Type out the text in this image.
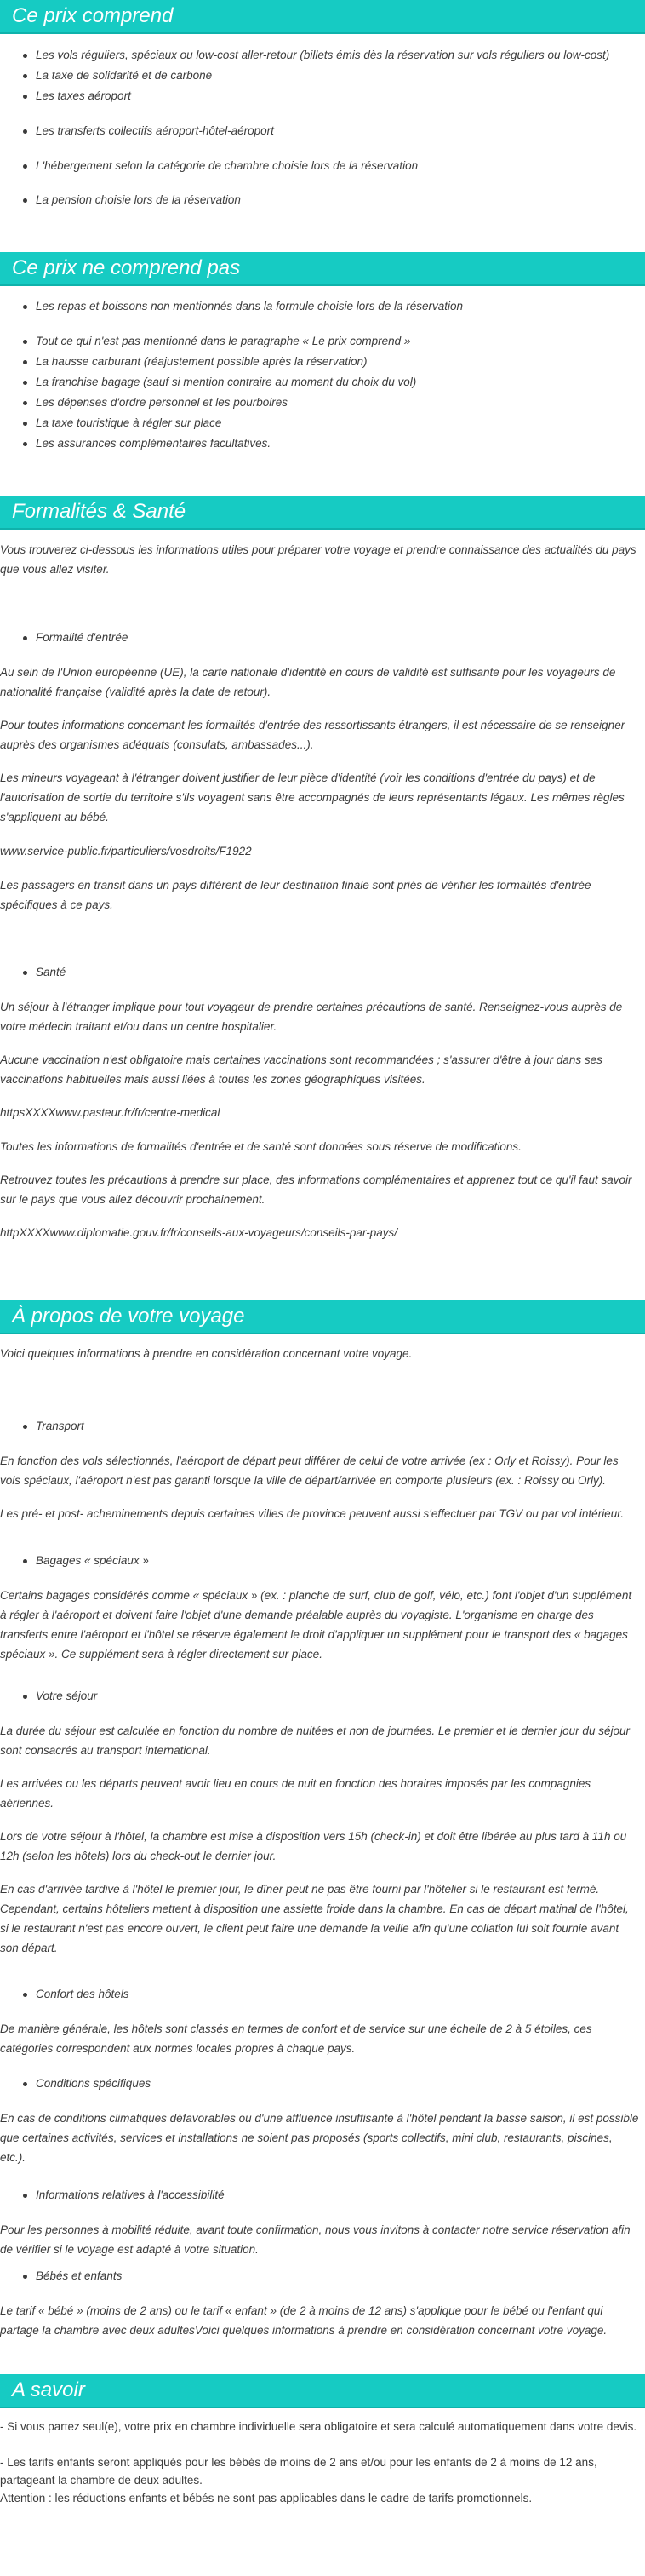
Ce prix comprend
Les vols réguliers, spéciaux ou low-cost aller-retour (billets émis dès la réservation sur vols réguliers ou low-cost)
La taxe de solidarité et de carbone
Les taxes aéroport
Les transferts collectifs aéroport-hôtel-aéroport
L'hébergement selon la catégorie de chambre choisie lors de la réservation
La pension choisie lors de la réservation
Ce prix ne comprend pas
Les repas et boissons non mentionnés dans la formule choisie lors de la réservation
Tout ce qui n'est pas mentionné dans le paragraphe « Le prix comprend »
La hausse carburant (réajustement possible après la réservation)
La franchise bagage (sauf si mention contraire au moment du choix du vol)
Les dépenses d'ordre personnel et les pourboires
La taxe touristique à régler sur place
Les assurances complémentaires facultatives.
Formalités & Santé
Vous trouverez ci-dessous les informations utiles pour préparer votre voyage et prendre connaissance des actualités du pays que vous allez visiter.
Formalité d'entrée
Au sein de l'Union européenne (UE), la carte nationale d'identité en cours de validité est suffisante pour les voyageurs de nationalité française (validité après la date de retour).
Pour toutes informations concernant les formalités d'entrée des ressortissants étrangers, il est nécessaire de se renseigner auprès des organismes adéquats (consulats, ambassades...).
Les mineurs voyageant à l'étranger doivent justifier de leur pièce d'identité (voir les conditions d'entrée du pays) et de l'autorisation de sortie du territoire s'ils voyagent sans être accompagnés de leurs représentants légaux. Les mêmes règles s'appliquent au bébé.
www.service-public.fr/particuliers/vosdroits/F1922
Les passagers en transit dans un pays différent de leur destination finale sont priés de vérifier les formalités d'entrée spécifiques à ce pays.
Santé
Un séjour à l'étranger implique pour tout voyageur de prendre certaines précautions de santé. Renseignez-vous auprès de votre médecin traitant et/ou dans un centre hospitalier.
Aucune vaccination n'est obligatoire mais certaines vaccinations sont recommandées ; s'assurer d'être à jour dans ses vaccinations habituelles mais aussi liées à toutes les zones géographiques visitées.
httpsXXXXwww.pasteur.fr/fr/centre-medical
Toutes les informations de formalités d'entrée et de santé sont données sous réserve de modifications.
Retrouvez toutes les précautions à prendre sur place, des informations complémentaires et apprenez tout ce qu'il faut savoir sur le pays que vous allez découvrir prochainement.
httpXXXXwww.diplomatie.gouv.fr/fr/conseils-aux-voyageurs/conseils-par-pays/
À propos de votre voyage
Voici quelques informations à prendre en considération concernant votre voyage.
Transport
En fonction des vols sélectionnés, l'aéroport de départ peut différer de celui de votre arrivée (ex : Orly et Roissy). Pour les vols spéciaux, l'aéroport n'est pas garanti lorsque la ville de départ/arrivée en comporte plusieurs (ex. : Roissy ou Orly).
Les pré- et post- acheminements depuis certaines villes de province peuvent aussi s'effectuer par TGV ou par vol intérieur.
Bagages « spéciaux »
Certains bagages considérés comme « spéciaux » (ex. : planche de surf, club de golf, vélo, etc.) font l'objet d'un supplément à régler à l'aéroport et doivent faire l'objet d'une demande préalable auprès du voyagiste. L'organisme en charge des transferts entre l'aéroport et l'hôtel se réserve également le droit d'appliquer un supplément pour le transport des « bagages spéciaux ». Ce supplément sera à régler directement sur place.
Votre séjour
La durée du séjour est calculée en fonction du nombre de nuitées et non de journées. Le premier et le dernier jour du séjour sont consacrés au transport international.
Les arrivées ou les départs peuvent avoir lieu en cours de nuit en fonction des horaires imposés par les compagnies aériennes.
Lors de votre séjour à l'hôtel, la chambre est mise à disposition vers 15h (check-in) et doit être libérée au plus tard à 11h ou 12h (selon les hôtels) lors du check-out le dernier jour.
En cas d'arrivée tardive à l'hôtel le premier jour, le dîner peut ne pas être fourni par l'hôtelier si le restaurant est fermé. Cependant, certains hôteliers mettent à disposition une assiette froide dans la chambre. En cas de départ matinal de l'hôtel, si le restaurant n'est pas encore ouvert, le client peut faire une demande la veille afin qu'une collation lui soit fournie avant son départ.
Confort des hôtels
De manière générale, les hôtels sont classés en termes de confort et de service sur une échelle de 2 à 5 étoiles, ces catégories correspondent aux normes locales propres à chaque pays.
Conditions spécifiques
En cas de conditions climatiques défavorables ou d'une affluence insuffisante à l'hôtel pendant la basse saison, il est possible que certaines activités, services et installations ne soient pas proposés (sports collectifs, mini club, restaurants, piscines, etc.).
Informations relatives à l'accessibilité
Pour les personnes à mobilité réduite, avant toute confirmation, nous vous invitons à contacter notre service réservation afin de vérifier si le voyage est adapté à votre situation.
Bébés et enfants
Le tarif « bébé » (moins de 2 ans) ou le tarif « enfant » (de 2 à moins de 12 ans) s'applique pour le bébé ou l'enfant qui partage la chambre avec deux adultesVoici quelques informations à prendre en considération concernant votre voyage.
A savoir
- Si vous partez seul(e), votre prix en chambre individuelle sera obligatoire et sera calculé automatiquement dans votre devis.
- Les tarifs enfants seront appliqués pour les bébés de moins de 2 ans et/ou pour les enfants de 2 à moins de 12 ans, partageant la chambre de deux adultes.
Attention : les réductions enfants et bébés ne sont pas applicables dans le cadre de tarifs promotionnels.
